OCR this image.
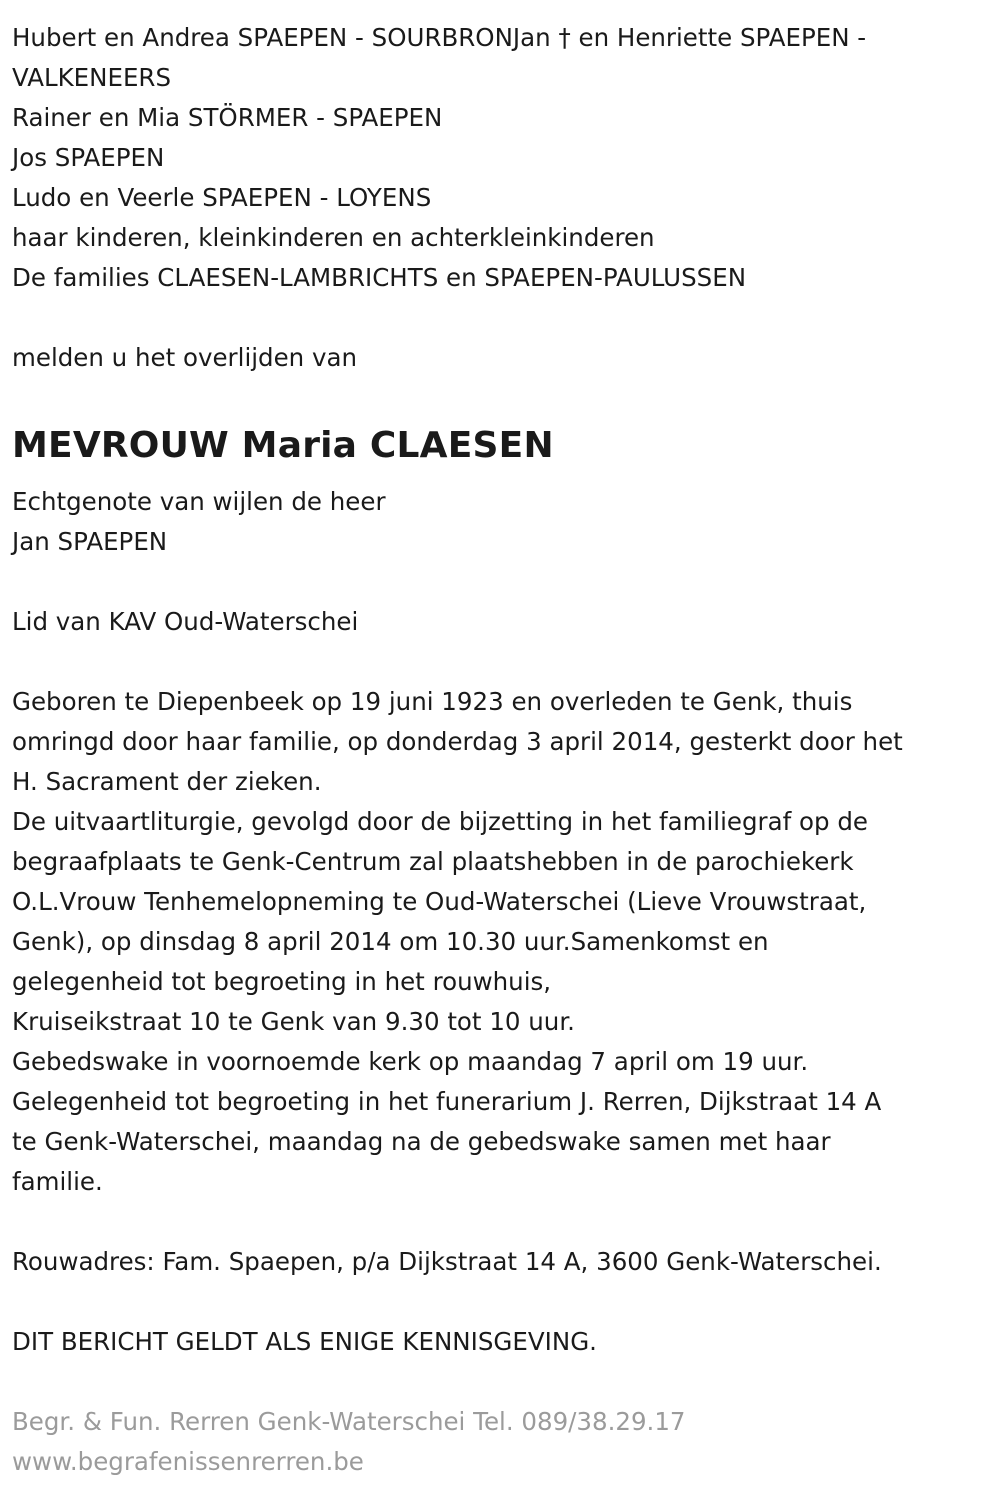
Hubert en Andrea SPAEPEN - SOURBRONJan † en Henriette SPAEPEN -
VALKENEERS
Rainer en Mia STÖRMER - SPAEPEN
Jos SPAEPEN
Ludo en Veerle SPAEPEN - LOYENS
haar kinderen, kleinkinderen en achterkleinkinderen
De families CLAESEN-LAMBRICHTS en SPAEPEN-PAULUSSEN
melden u het overlijden van
MEVROUW Maria CLAESEN
Echtgenote van wijlen de heer
Jan SPAEPEN
Lid van KAV Oud-Waterschei
Geboren te Diepenbeek op 19 juni 1923 en overleden te Genk, thuis
omringd door haar familie, op donderdag 3 april 2014, gesterkt door het
H. Sacrament der zieken.
De uitvaartliturgie, gevolgd door de bijzetting in het familiegraf op de
begraafplaats te Genk-Centrum zal plaatshebben in de parochiekerk
O.L.Vrouw Tenhemelopneming te Oud-Waterschei (Lieve Vrouwstraat,
Genk), op dinsdag 8 april 2014 om 10.30 uur.Samenkomst en
gelegenheid tot begroeting in het rouwhuis,
Kruiseikstraat 10 te Genk van 9.30 tot 10 uur.
Gebedswake in voornoemde kerk op maandag 7 april om 19 uur.
Gelegenheid tot begroeting in het funerarium J. Rerren, Dijkstraat 14 A
te Genk-Waterschei, maandag na de gebedswake samen met haar
familie.
Rouwadres: Fam. Spaepen, p/a Dijkstraat 14 A, 3600 Genk-Waterschei.
DIT BERICHT GELDT ALS ENIGE KENNISGEVING.
Begr. & Fun. Rerren Genk-Waterschei Tel. 089/38.29.17
www.begrafenissenrerren.be
